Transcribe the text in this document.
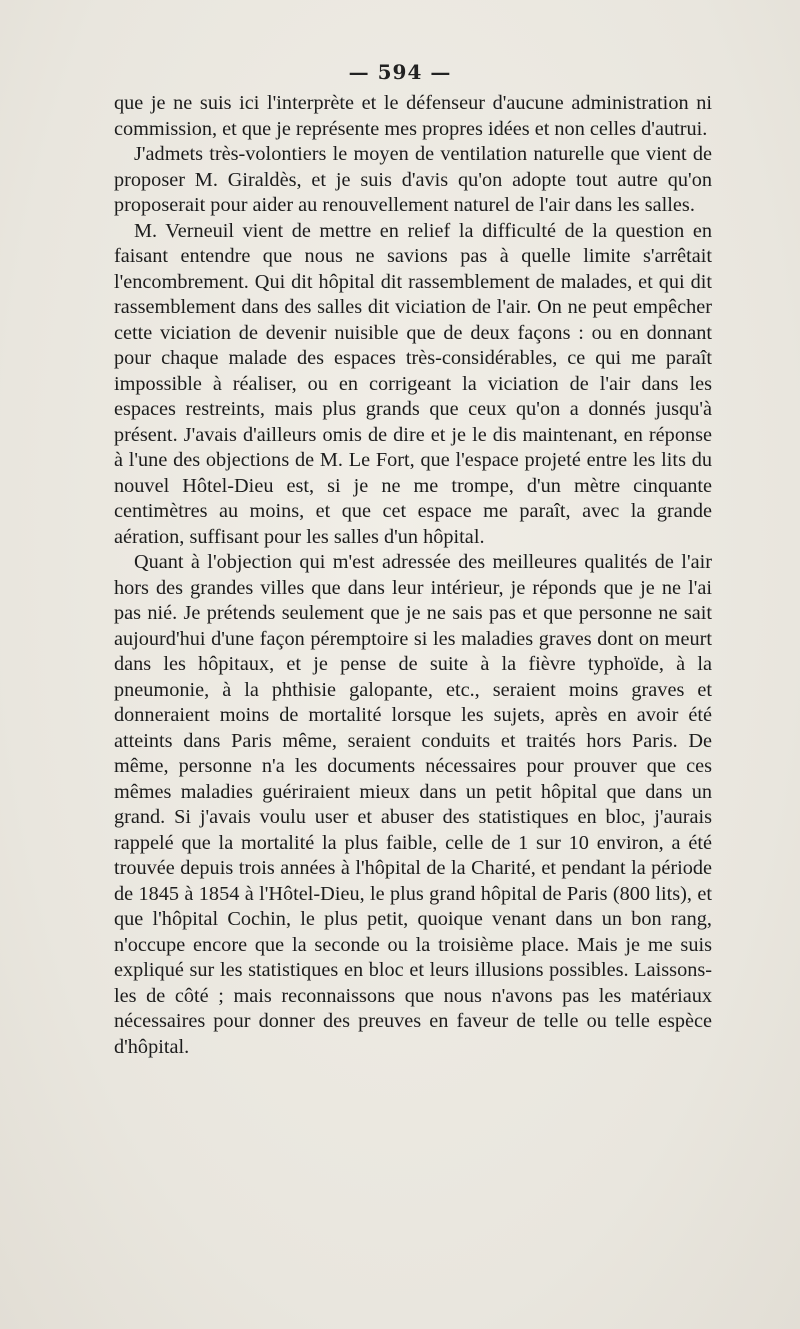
— 594 —

que je ne suis ici l'interprète et le défenseur d'aucune administration ni commission, et que je représente mes propres idées et non celles d'autrui.

J'admets très-volontiers le moyen de ventilation naturelle que vient de proposer M. Giraldès, et je suis d'avis qu'on adopte tout autre qu'on proposerait pour aider au renouvellement naturel de l'air dans les salles.

M. Verneuil vient de mettre en relief la difficulté de la question en faisant entendre que nous ne savions pas à quelle limite s'arrêtait l'encombrement. Qui dit hôpital dit rassemblement de malades, et qui dit rassemblement dans des salles dit viciation de l'air. On ne peut empêcher cette viciation de devenir nuisible que de deux façons : ou en donnant pour chaque malade des espaces très-considérables, ce qui me paraît impossible à réaliser, ou en corrigeant la viciation de l'air dans les espaces restreints, mais plus grands que ceux qu'on a donnés jusqu'à présent. J'avais d'ailleurs omis de dire et je le dis maintenant, en réponse à l'une des objections de M. Le Fort, que l'espace projeté entre les lits du nouvel Hôtel-Dieu est, si je ne me trompe, d'un mètre cinquante centimètres au moins, et que cet espace me paraît, avec la grande aération, suffisant pour les salles d'un hôpital.

Quant à l'objection qui m'est adressée des meilleures qualités de l'air hors des grandes villes que dans leur intérieur, je réponds que je ne l'ai pas nié. Je prétends seulement que je ne sais pas et que personne ne sait aujourd'hui d'une façon péremptoire si les maladies graves dont on meurt dans les hôpitaux, et je pense de suite à la fièvre typhoïde, à la pneumonie, à la phthisie galopante, etc., seraient moins graves et donneraient moins de mortalité lorsque les sujets, après en avoir été atteints dans Paris même, seraient conduits et traités hors Paris. De même, personne n'a les documents nécessaires pour prouver que ces mêmes maladies guériraient mieux dans un petit hôpital que dans un grand. Si j'avais voulu user et abuser des statistiques en bloc, j'aurais rappelé que la mortalité la plus faible, celle de 1 sur 10 environ, a été trouvée depuis trois années à l'hôpital de la Charité, et pendant la période de 1845 à 1854 à l'Hôtel-Dieu, le plus grand hôpital de Paris (800 lits), et que l'hôpital Cochin, le plus petit, quoique venant dans un bon rang, n'occupe encore que la seconde ou la troisième place. Mais je me suis expliqué sur les statistiques en bloc et leurs illusions possibles. Laissons-les de côté ; mais reconnaissons que nous n'avons pas les matériaux nécessaires pour donner des preuves en faveur de telle ou telle espèce d'hôpital.
